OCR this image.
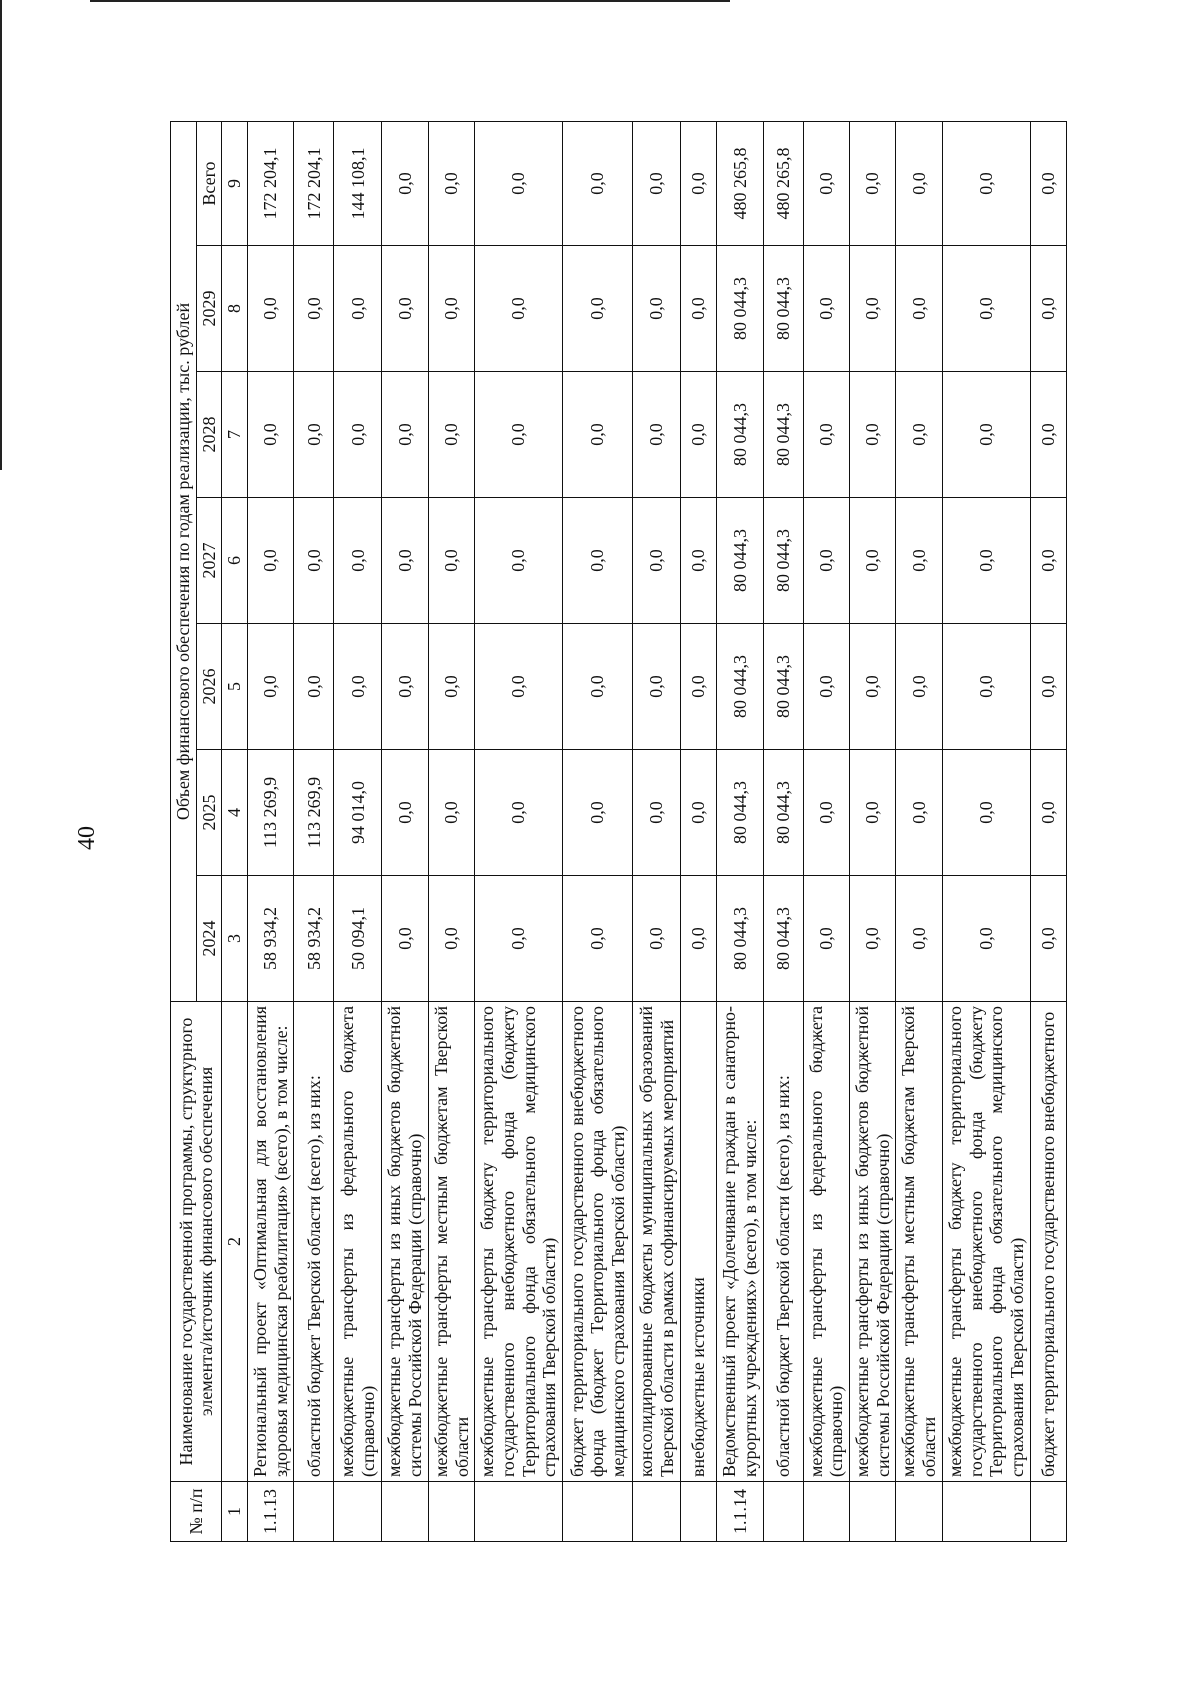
40
№ п/п	Наименование государственной программы, структурного элемента/источник финансового обеспечения	Объем финансового обеспечения по годам реализации, тыс. рублей						
		2024	2025	2026	2027	2028	2029	Всего
1	2	3	4	5	6	7	8	9
1.1.13	Региональный проект «Оптимальная для восстановления здоровья медицинская реабилитация» (всего), в том числе:	58 934,2	113 269,9	0,0	0,0	0,0	0,0	172 204,1
	областной бюджет Тверской области (всего), из них:	58 934,2	113 269,9	0,0	0,0	0,0	0,0	172 204,1
	межбюджетные трансферты из федерального бюджета (справочно)	50 094,1	94 014,0	0,0	0,0	0,0	0,0	144 108,1
	межбюджетные трансферты из иных бюджетов бюджетной системы Российской Федерации (справочно)	0,0	0,0	0,0	0,0	0,0	0,0	0,0
	межбюджетные трансферты местным бюджетам Тверской области	0,0	0,0	0,0	0,0	0,0	0,0	0,0
	межбюджетные трансферты бюджету территориального государственного внебюджетного фонда (бюджету Территориального фонда обязательного медицинского страхования Тверской области)	0,0	0,0	0,0	0,0	0,0	0,0	0,0
	бюджет территориального государственного внебюджетного фонда (бюджет Территориального фонда обязательного медицинского страхования Тверской области)	0,0	0,0	0,0	0,0	0,0	0,0	0,0
	консолидированные бюджеты муниципальных образований Тверской области в рамках софинансируемых мероприятий	0,0	0,0	0,0	0,0	0,0	0,0	0,0
	внебюджетные источники	0,0	0,0	0,0	0,0	0,0	0,0	0,0
1.1.14	Ведомственный проект «Долечивание граждан в санаторно-курортных учреждениях» (всего), в том числе:	80 044,3	80 044,3	80 044,3	80 044,3	80 044,3	80 044,3	480 265,8
	областной бюджет Тверской области (всего), из них:	80 044,3	80 044,3	80 044,3	80 044,3	80 044,3	80 044,3	480 265,8
	межбюджетные трансферты из федерального бюджета (справочно)	0,0	0,0	0,0	0,0	0,0	0,0	0,0
	межбюджетные трансферты из иных бюджетов бюджетной системы Российской Федерации (справочно)	0,0	0,0	0,0	0,0	0,0	0,0	0,0
	межбюджетные трансферты местным бюджетам Тверской области	0,0	0,0	0,0	0,0	0,0	0,0	0,0
	межбюджетные трансферты бюджету территориального государственного внебюджетного фонда (бюджету Территориального фонда обязательного медицинского страхования Тверской области)	0,0	0,0	0,0	0,0	0,0	0,0	0,0
	бюджет территориального государственного внебюджетного	0,0	0,0	0,0	0,0	0,0	0,0	0,0
